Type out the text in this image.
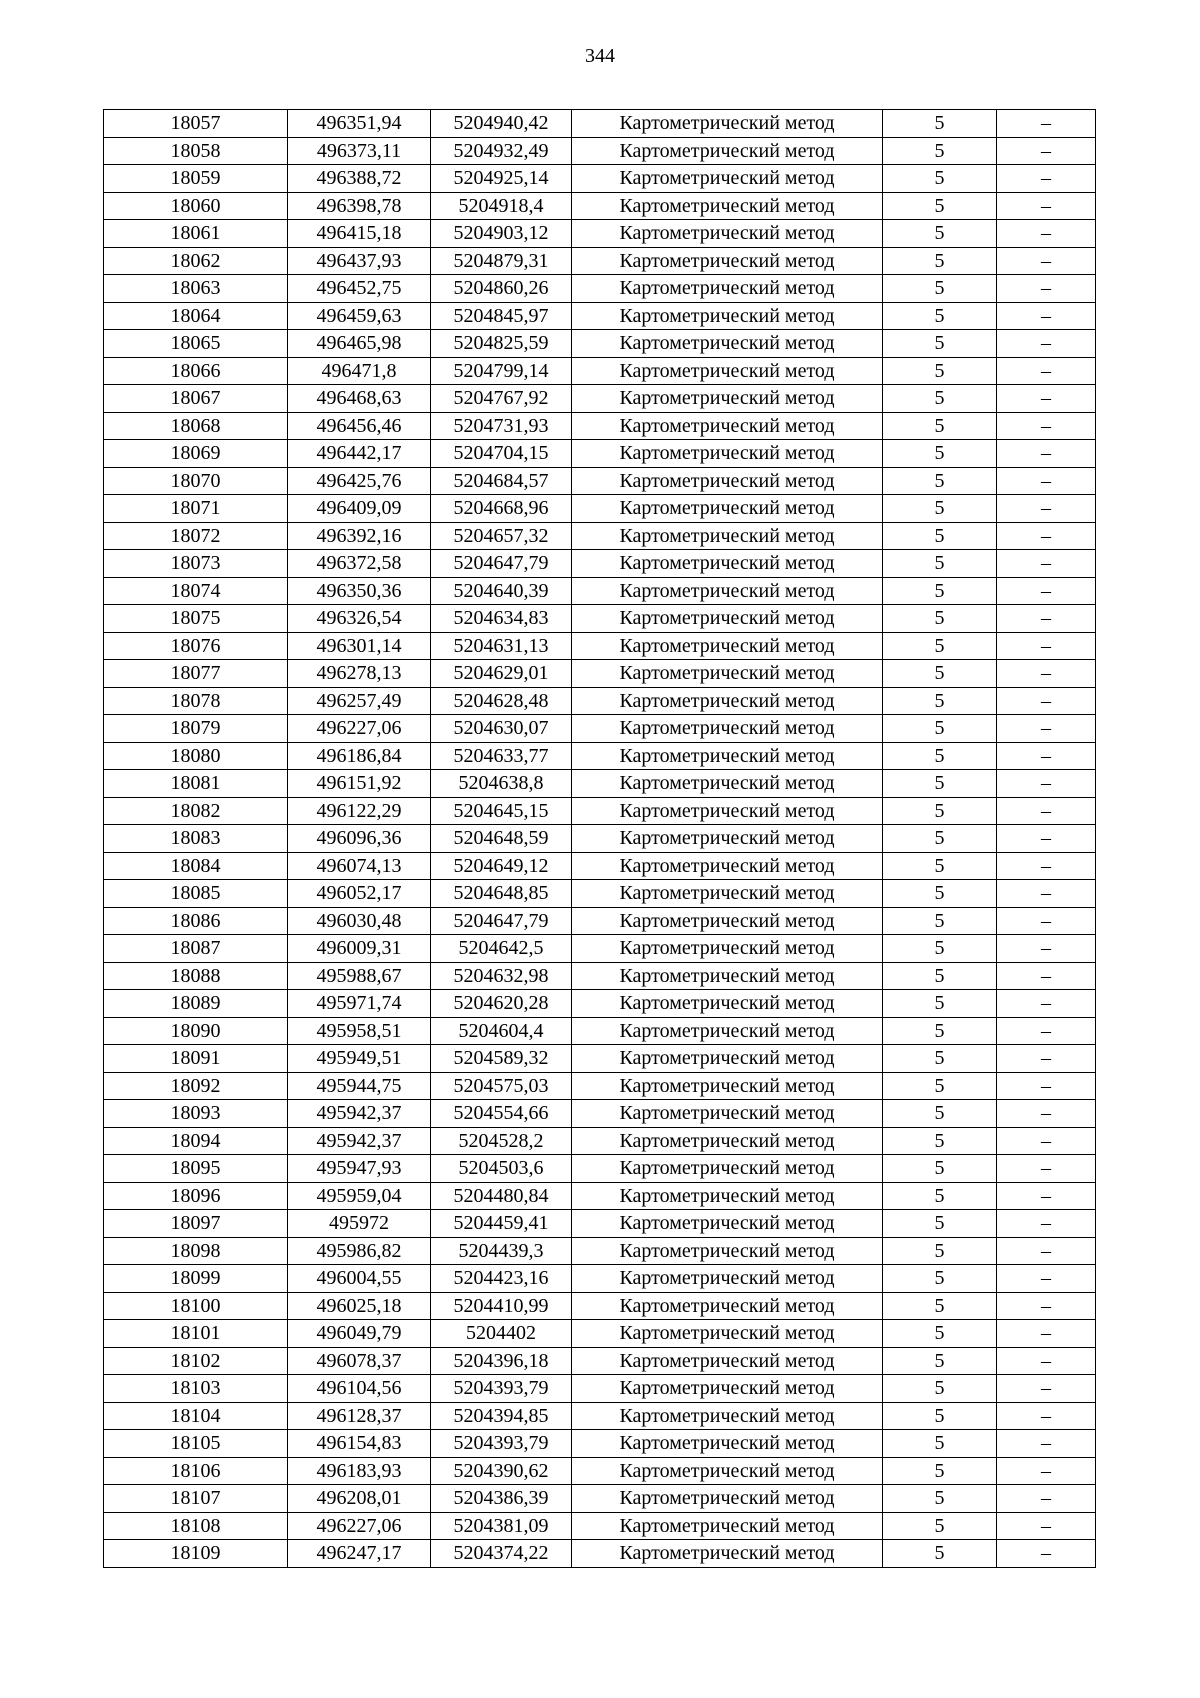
344
18057	496351,94	5204940,42	Картометрический метод	5	–
18058	496373,11	5204932,49	Картометрический метод	5	–
18059	496388,72	5204925,14	Картометрический метод	5	–
18060	496398,78	5204918,4	Картометрический метод	5	–
18061	496415,18	5204903,12	Картометрический метод	5	–
18062	496437,93	5204879,31	Картометрический метод	5	–
18063	496452,75	5204860,26	Картометрический метод	5	–
18064	496459,63	5204845,97	Картометрический метод	5	–
18065	496465,98	5204825,59	Картометрический метод	5	–
18066	496471,8	5204799,14	Картометрический метод	5	–
18067	496468,63	5204767,92	Картометрический метод	5	–
18068	496456,46	5204731,93	Картометрический метод	5	–
18069	496442,17	5204704,15	Картометрический метод	5	–
18070	496425,76	5204684,57	Картометрический метод	5	–
18071	496409,09	5204668,96	Картометрический метод	5	–
18072	496392,16	5204657,32	Картометрический метод	5	–
18073	496372,58	5204647,79	Картометрический метод	5	–
18074	496350,36	5204640,39	Картометрический метод	5	–
18075	496326,54	5204634,83	Картометрический метод	5	–
18076	496301,14	5204631,13	Картометрический метод	5	–
18077	496278,13	5204629,01	Картометрический метод	5	–
18078	496257,49	5204628,48	Картометрический метод	5	–
18079	496227,06	5204630,07	Картометрический метод	5	–
18080	496186,84	5204633,77	Картометрический метод	5	–
18081	496151,92	5204638,8	Картометрический метод	5	–
18082	496122,29	5204645,15	Картометрический метод	5	–
18083	496096,36	5204648,59	Картометрический метод	5	–
18084	496074,13	5204649,12	Картометрический метод	5	–
18085	496052,17	5204648,85	Картометрический метод	5	–
18086	496030,48	5204647,79	Картометрический метод	5	–
18087	496009,31	5204642,5	Картометрический метод	5	–
18088	495988,67	5204632,98	Картометрический метод	5	–
18089	495971,74	5204620,28	Картометрический метод	5	–
18090	495958,51	5204604,4	Картометрический метод	5	–
18091	495949,51	5204589,32	Картометрический метод	5	–
18092	495944,75	5204575,03	Картометрический метод	5	–
18093	495942,37	5204554,66	Картометрический метод	5	–
18094	495942,37	5204528,2	Картометрический метод	5	–
18095	495947,93	5204503,6	Картометрический метод	5	–
18096	495959,04	5204480,84	Картометрический метод	5	–
18097	495972	5204459,41	Картометрический метод	5	–
18098	495986,82	5204439,3	Картометрический метод	5	–
18099	496004,55	5204423,16	Картометрический метод	5	–
18100	496025,18	5204410,99	Картометрический метод	5	–
18101	496049,79	5204402	Картометрический метод	5	–
18102	496078,37	5204396,18	Картометрический метод	5	–
18103	496104,56	5204393,79	Картометрический метод	5	–
18104	496128,37	5204394,85	Картометрический метод	5	–
18105	496154,83	5204393,79	Картометрический метод	5	–
18106	496183,93	5204390,62	Картометрический метод	5	–
18107	496208,01	5204386,39	Картометрический метод	5	–
18108	496227,06	5204381,09	Картометрический метод	5	–
18109	496247,17	5204374,22	Картометрический метод	5	–
